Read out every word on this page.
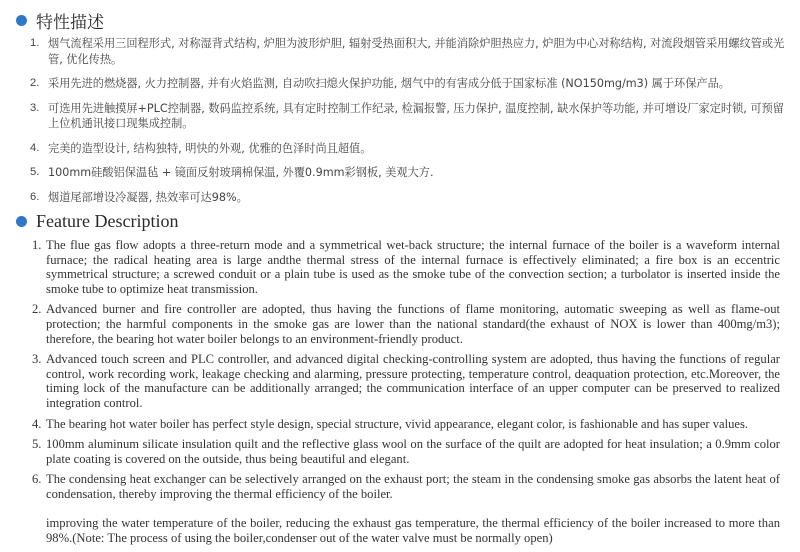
特性描述
1. 烟气流程采用三回程形式, 对称湿背式结构, 炉胆为波形炉胆, 辐射受热面积大, 并能消除炉胆热应力, 炉胆为中心对称结构, 对流段烟管采用螺纹管或光管, 优化传热。
2. 采用先进的燃烧器, 火力控制器, 并有火焰监测, 自动吹扫熄火保护功能, 烟气中的有害成分低于国家标准 (NO150mg/m3) 属于环保产品。
3. 可选用先进触摸屏+PLC控制器, 数码监控系统, 具有定时控制工作纪录, 检漏报警, 压力保护, 温度控制, 缺水保护等功能, 并可增设厂家定时锁, 可预留上位机通讯接口现集成控制。
4. 完美的造型设计, 结构独特, 明快的外观, 优雅的色泽时尚且超值。
5. 100mm硅酸铝保温毡 + 镜面反射玻璃棉保温, 外覆0.9mm彩钢板, 美观大方.
6. 烟道尾部增设冷凝器, 热效率可达98%。
Feature Description
1. The flue gas flow adopts a three-return mode and a symmetrical wet-back structure; the internal furnace of the boiler is a waveform internal furnace; the radical heating area is large andthe thermal stress of the internal furnace is effectively eliminated; a fire box is an eccentric symmetrical structure; a screwed conduit or a plain tube is used as the smoke tube of the convection section; a turbolator is inserted inside the smoke tube to optimize heat transmission.
2. Advanced burner and fire controller are adopted, thus having the functions of flame monitoring, automatic sweeping as well as flame-out protection; the harmful components in the smoke gas are lower than the national standard(the exhaust of NOX is lower than 400mg/m3); therefore, the bearing hot water boiler belongs to an environment-friendly product.
3. Advanced touch screen and PLC controller, and advanced digital checking-controlling system are adopted, thus having the functions of regular control, work recording work, leakage checking and alarming, pressure protecting, temperature control, deaquation protection, etc.Moreover, the timing lock of the manufacture can be additionally arranged; the communication interface of an upper computer can be preserved to realized integration control.
4. The bearing hot water boiler has perfect style design, special structure, vivid appearance, elegant color, is fashionable and has super values.
5. 100mm aluminum silicate insulation quilt and the reflective glass wool on the surface of the quilt are adopted for heat insulation; a 0.9mm color plate coating is covered on the outside, thus being beautiful and elegant.
6. The condensing heat exchanger can be selectively arranged on the exhaust port; the steam in the condensing smoke gas absorbs the latent heat of condensation, thereby improving the thermal efficiency of the boiler.
improving the water temperature of the boiler, reducing the exhaust gas temperature, the thermal efficiency of the boiler increased to more than 98%.(Note: The process of using the boiler,condenser out of the water valve must be normally open)
